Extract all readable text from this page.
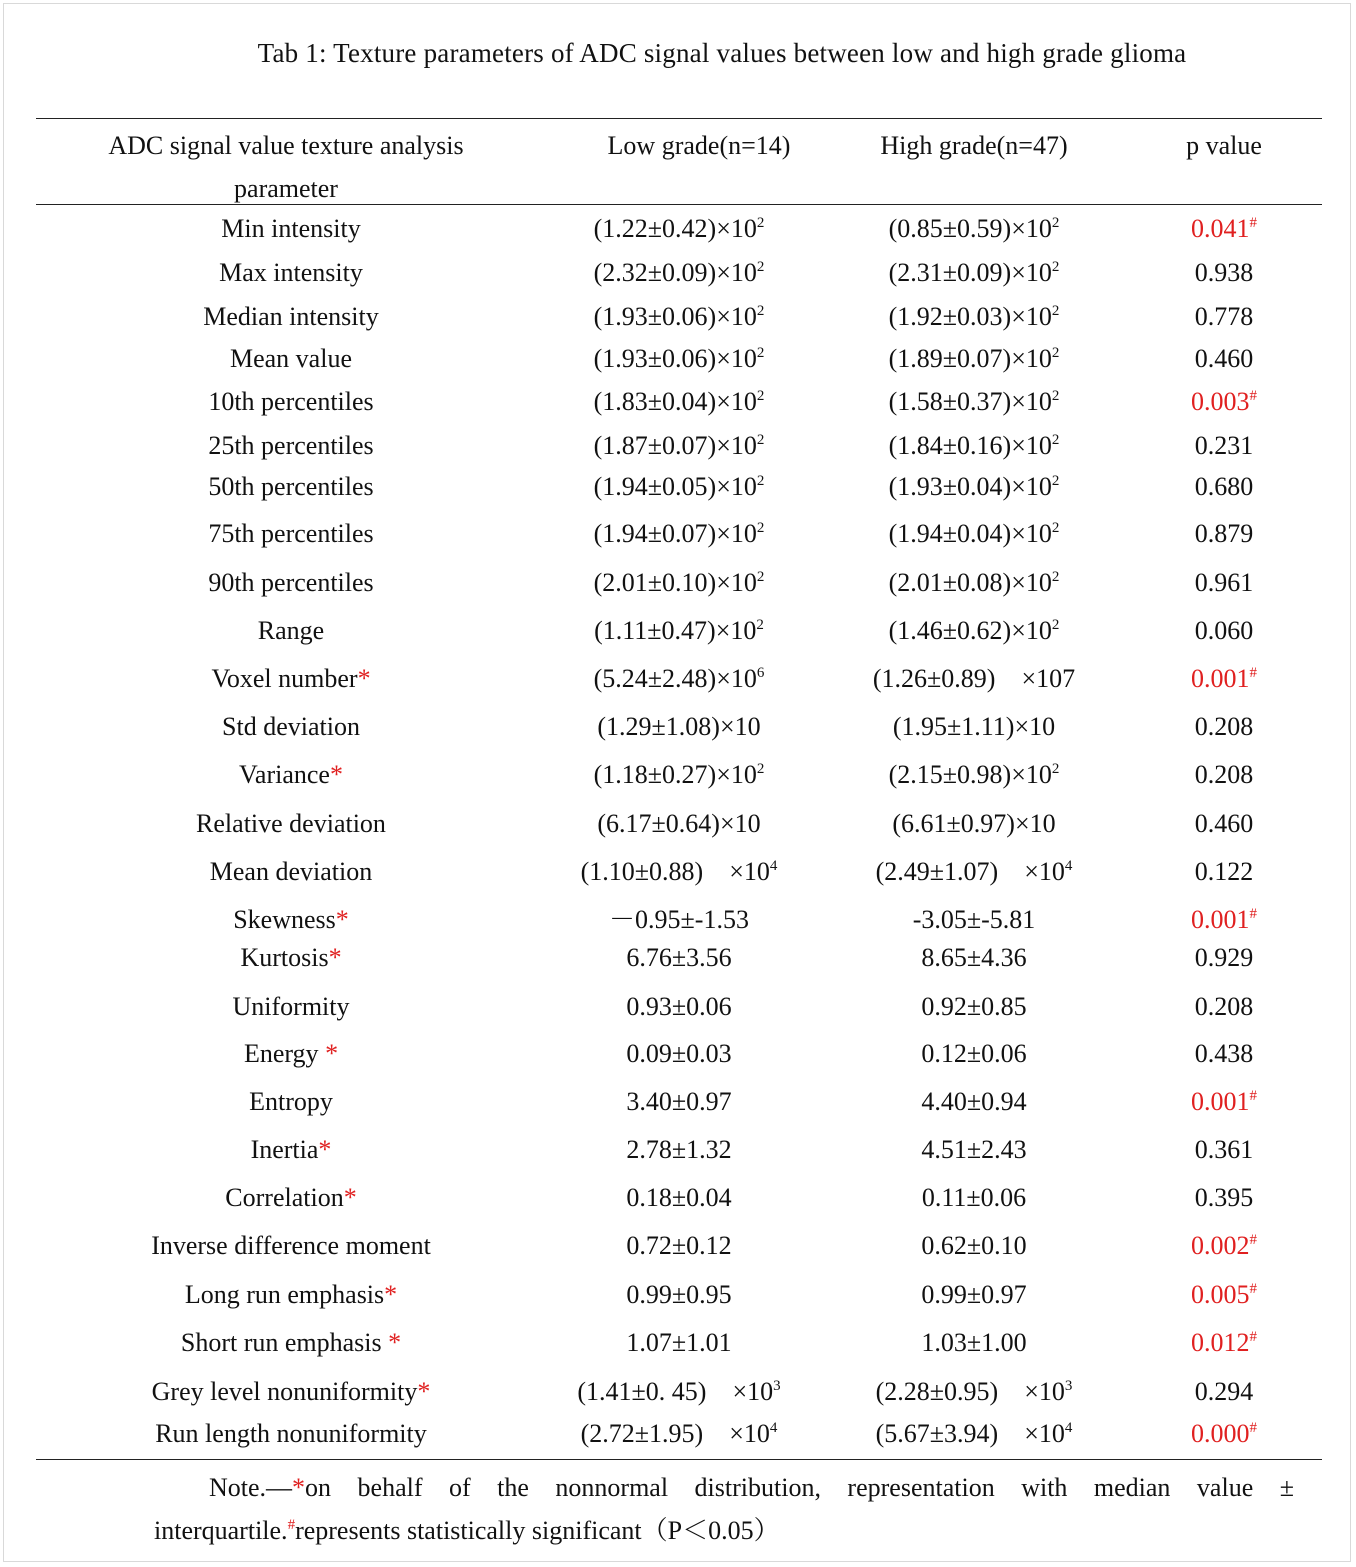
Tab 1: Texture parameters of ADC signal values between low and high grade glioma
ADC signal value texture analysis
parameter
Low grade(n=14)	High grade(n=47)	p value
Min intensity	$(1.22\pm 0.42)\times 10^2$	$(0.85\pm 0.59)\times 10^2$	0.041#
Max intensity	$(2.32\pm 0.09)\times 10^2$	$(2.31\pm 0.09)\times 10^2$	0.938
Median intensity	$(1.93\pm 0.06)\times 10^2$	$(1.92\pm 0.03)\times 10^2$	0.778
Mean value	$(1.93\pm 0.06)\times 10^2$	$(1.89\pm 0.07)\times 10^2$	0.460
10th percentiles	$(1.83\pm 0.04)\times 10^2$	$(1.58\pm 0.37)\times 10^2$	0.003#
25th percentiles	$(1.87\pm 0.07)\times 10^2$	$(1.84\pm 0.16)\times 10^2$	0.231
50th percentiles	$(1.94\pm 0.05)\times 10^2$	$(1.93\pm 0.04)\times 10^2$	0.680
75th percentiles	$(1.94\pm 0.07)\times 10^2$	$(1.94\pm 0.04)\times 10^2$	0.879
90th percentiles	$(2.01\pm 0.10)\times 10^2$	$(2.01\pm 0.08)\times 10^2$	0.961
Range	$(1.11\pm 0.47)\times 10^2$	$(1.46\pm 0.62)\times 10^2$	0.060
Voxel number*	$(5.24\pm 2.48)\times 10^6$	(1.26±0.89)　×107	0.001#
Std deviation	(1.29±1.08)×10	(1.95±1.11)×10	0.208
Variance*	$(1.18\pm 0.27)\times 10^2$	$(2.15\pm 0.98)\times 10^2$	0.208
Relative deviation	(6.17±0.64)×10	(6.61±0.97)×10	0.460
Mean deviation	(1.10±0.88)　$\times 10^4$	(2.49±1.07)　$\times 10^4$	0.122
Skewness*	－0.95±-1.53	-3.05±-5.81	0.001#
Kurtosis*	6.76±3.56	8.65±4.36	0.929
Uniformity	0.93±0.06	0.92±0.85	0.208
Energy *	0.09±0.03	0.12±0.06	0.438
Entropy	3.40±0.97	4.40±0.94	0.001#
Inertia*	2.78±1.32	4.51±2.43	0.361
Correlation*	0.18±0.04	0.11±0.06	0.395
Inverse difference moment	0.72±0.12	0.62±0.10	0.002#
Long run emphasis*	0.99±0.95	0.99±0.97	0.005#
Short run emphasis *	1.07±1.01	1.03±1.00	0.012#
Grey level nonuniformity*	(1.41±0. 45)　$\times 10^3$	(2.28±0.95)　$\times 10^3$	0.294
Run length nonuniformity	(2.72±1.95)　$\times 10^4$	(5.67±3.94)　$\times 10^4$	0.000#
Note.—*on behalf of the nonnormal distribution, representation with median value ±
interquartile.#represents statistically significant（P＜0.05）
